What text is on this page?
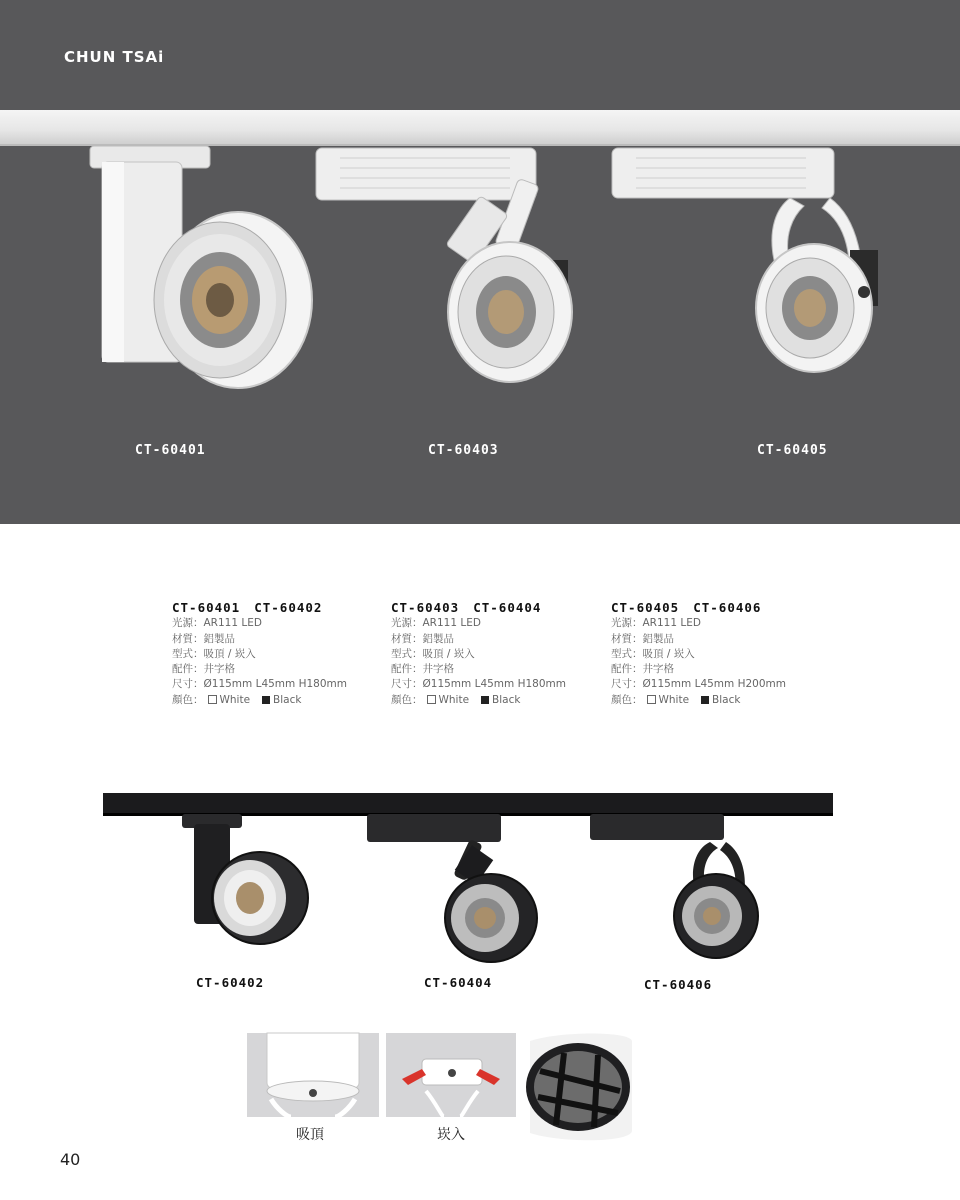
CHUN TSAi
CT-60401	CT-60403	CT-60405
CT-60401 CT-60402
光源：AR111 LED
材質：鋁製品
型式：吸頂 / 崁入
配件：井字格
尺寸：Ø115mm L45mm H180mm
顏色： White Black
CT-60403 CT-60404
光源：AR111 LED
材質：鋁製品
型式：吸頂 / 崁入
配件：井字格
尺寸：Ø115mm L45mm H180mm
顏色： White Black
CT-60405 CT-60406
光源：AR111 LED
材質：鋁製品
型式：吸頂 / 崁入
配件：井字格
尺寸：Ø115mm L45mm H200mm
顏色： White Black
CT-60402	CT-60404	CT-60406
吸頂	崁入
40
